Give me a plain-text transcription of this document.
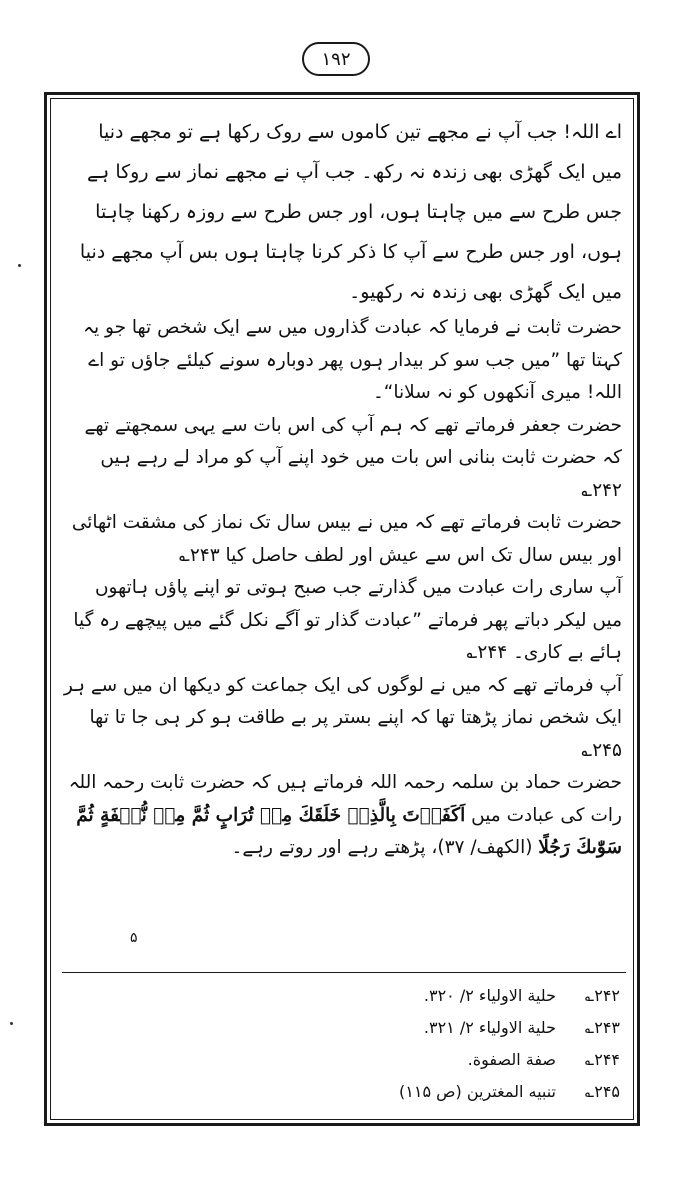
١٩٢

اے اللہ! جب آپ نے مجھے تین کاموں سے روک رکھا ہے تو مجھے دنیا میں ایک گھڑی بھی زندہ نہ رکھ۔ جب آپ نے مجھے نماز سے روکا ہے جس طرح سے میں چاہتا ہوں، اور جس طرح سے روزہ رکھنا چاہتا ہوں، اور جس طرح سے آپ کا ذکر کرنا چاہتا ہوں بس آپ مجھے دنیا میں ایک گھڑی بھی زندہ نہ رکھیو۔

حضرت ثابت نے فرمایا کہ عبادت گذاروں میں سے ایک شخص تھا جو یہ کہتا تھا ”میں جب سو کر بیدار ہوں پھر دوبارہ سونے کیلئے جاؤں تو اے اللہ! میری آنکھوں کو نہ سلانا“۔

حضرت جعفر فرماتے تھے کہ ہم آپ کی اس بات سے یہی سمجھتے تھے کہ حضرت ثابت بنانی اس بات میں خود اپنے آپ کو مراد لے رہے ہیں ۲۴۲؎

حضرت ثابت فرماتے تھے کہ میں نے بیس سال تک نماز کی مشقت اٹھائی اور بیس سال تک اس سے عیش اور لطف حاصل کیا ۲۴۳؎

آپ ساری رات عبادت میں گذارتے جب صبح ہوتی تو اپنے پاؤں ہاتھوں میں لیکر دباتے پھر فرماتے ”عبادت گذار تو آگے نکل گئے میں پیچھے رہ گیا ہائے بے کاری۔ ۲۴۴؎

آپ فرماتے تھے کہ میں نے لوگوں کی ایک جماعت کو دیکھا ان میں سے ہر ایک شخص نماز پڑھتا تھا کہ اپنے بستر پر بے طاقت ہو کر ہی جا تا تھا ۲۴۵؎

حضرت حماد بن سلمہ رحمہ اللہ فرماتے ہیں کہ حضرت ثابت رحمہ اللہ رات کی عبادت میں اَكَفَرۡتَ بِالَّذِیۡ خَلَقَكَ مِنۡ تُرَابٍ ثُمَّ مِنۡ نُّطۡفَةٍ ثُمَّ سَوّٰىكَ رَجُلًا (الکھف/ ۳۷)، پڑھتے رہے اور روتے رہے۔

۵
۲۴۲؎
حلیة الاولیاء ۲/ ۳۲۰.
۲۴۳؎
حلیة الاولیاء ۲/ ۳۲۱.
۲۴۴؎
صفة الصفوة.
۲۴۵؎
تنبیه المغترین (ص ۱۱۵)
